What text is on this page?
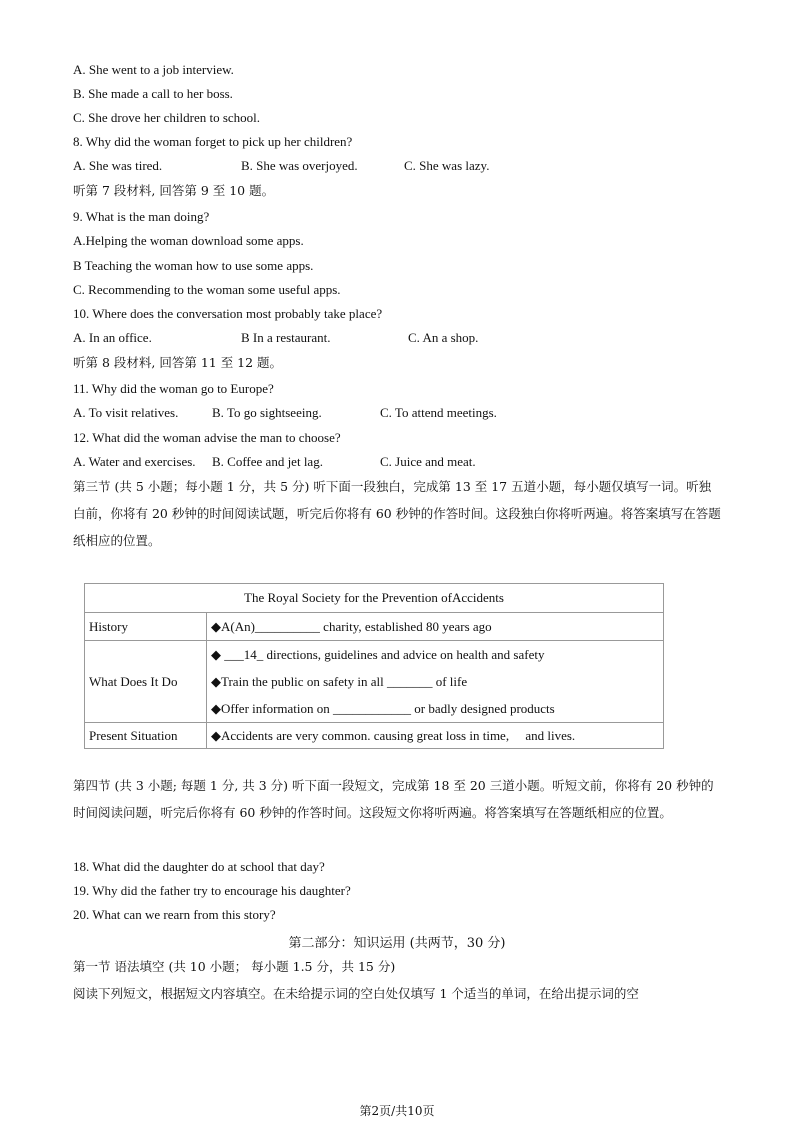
A. She went to a job interview.
B. She made a call to her boss.
C. She drove her children to school.
8. Why did the woman forget to pick up her children?
A. She was tired.	B. She was overjoyed.	C. She was lazy.
听第 7 段材料, 回答第 9 至 10 题。
9. What is the man doing?
A.Helping the woman download some apps.
B Teaching the woman how to use some apps.
C. Recommending to the woman some useful apps.
10. Where does the conversation most probably take place?
A. In an office.	B In a restaurant.	C. An a shop.
听第 8 段材料, 回答第 11 至 12 题。
11. Why did the woman go to Europe?
A. To visit relatives.	B. To go sightseeing.	C. To attend meetings.
12. What did the woman advise the man to choose?
A. Water and exercises. B. Coffee and jet lag.	C. Juice and meat.
第三节 (共 5 小题；每小题 1 分，共 5 分) 听下面一段独白，完成第 13 至 17 五道小题，每小题仅填写一词。听独白前，你将有 20 秒钟的时间阅读试题，听完后你将有 60 秒钟的作答时间。这段独白你将听两遍。将答案填写在答题纸相应的位置。
The Royal Society for the Prevention ofAccidents	
History	◆A(An)__________ charity, established 80 years ago
What Does It Do	◆ ___14_ directions, guidelines and advice on health and safety
◆Train the public on safety in all _______ of life
◆Offer information on ____________ or badly designed products

Present Situation	◆Accidents are very common. causing great loss in time,     and lives.
第四节 (共 3 小题; 每题 1 分, 共 3 分) 听下面一段短文，完成第 18 至 20 三道小题。听短文前，你将有 20 秒钟的时间阅读问题，听完后你将有 60 秒钟的作答时间。这段短文你将听两遍。将答案填写在答题纸相应的位置。
18. What did the daughter do at school that day?
19. Why did the father try to encourage his daughter?
20. What can we rearn from this story?
第二部分：知识运用 (共两节，30 分)
第一节 语法填空 (共 10 小题； 每小题 1.5 分，共 15 分)
阅读下列短文，根据短文内容填空。在未给提示词的空白处仅填写 1 个适当的单词，在给出提示词的空
第2页/共10页
